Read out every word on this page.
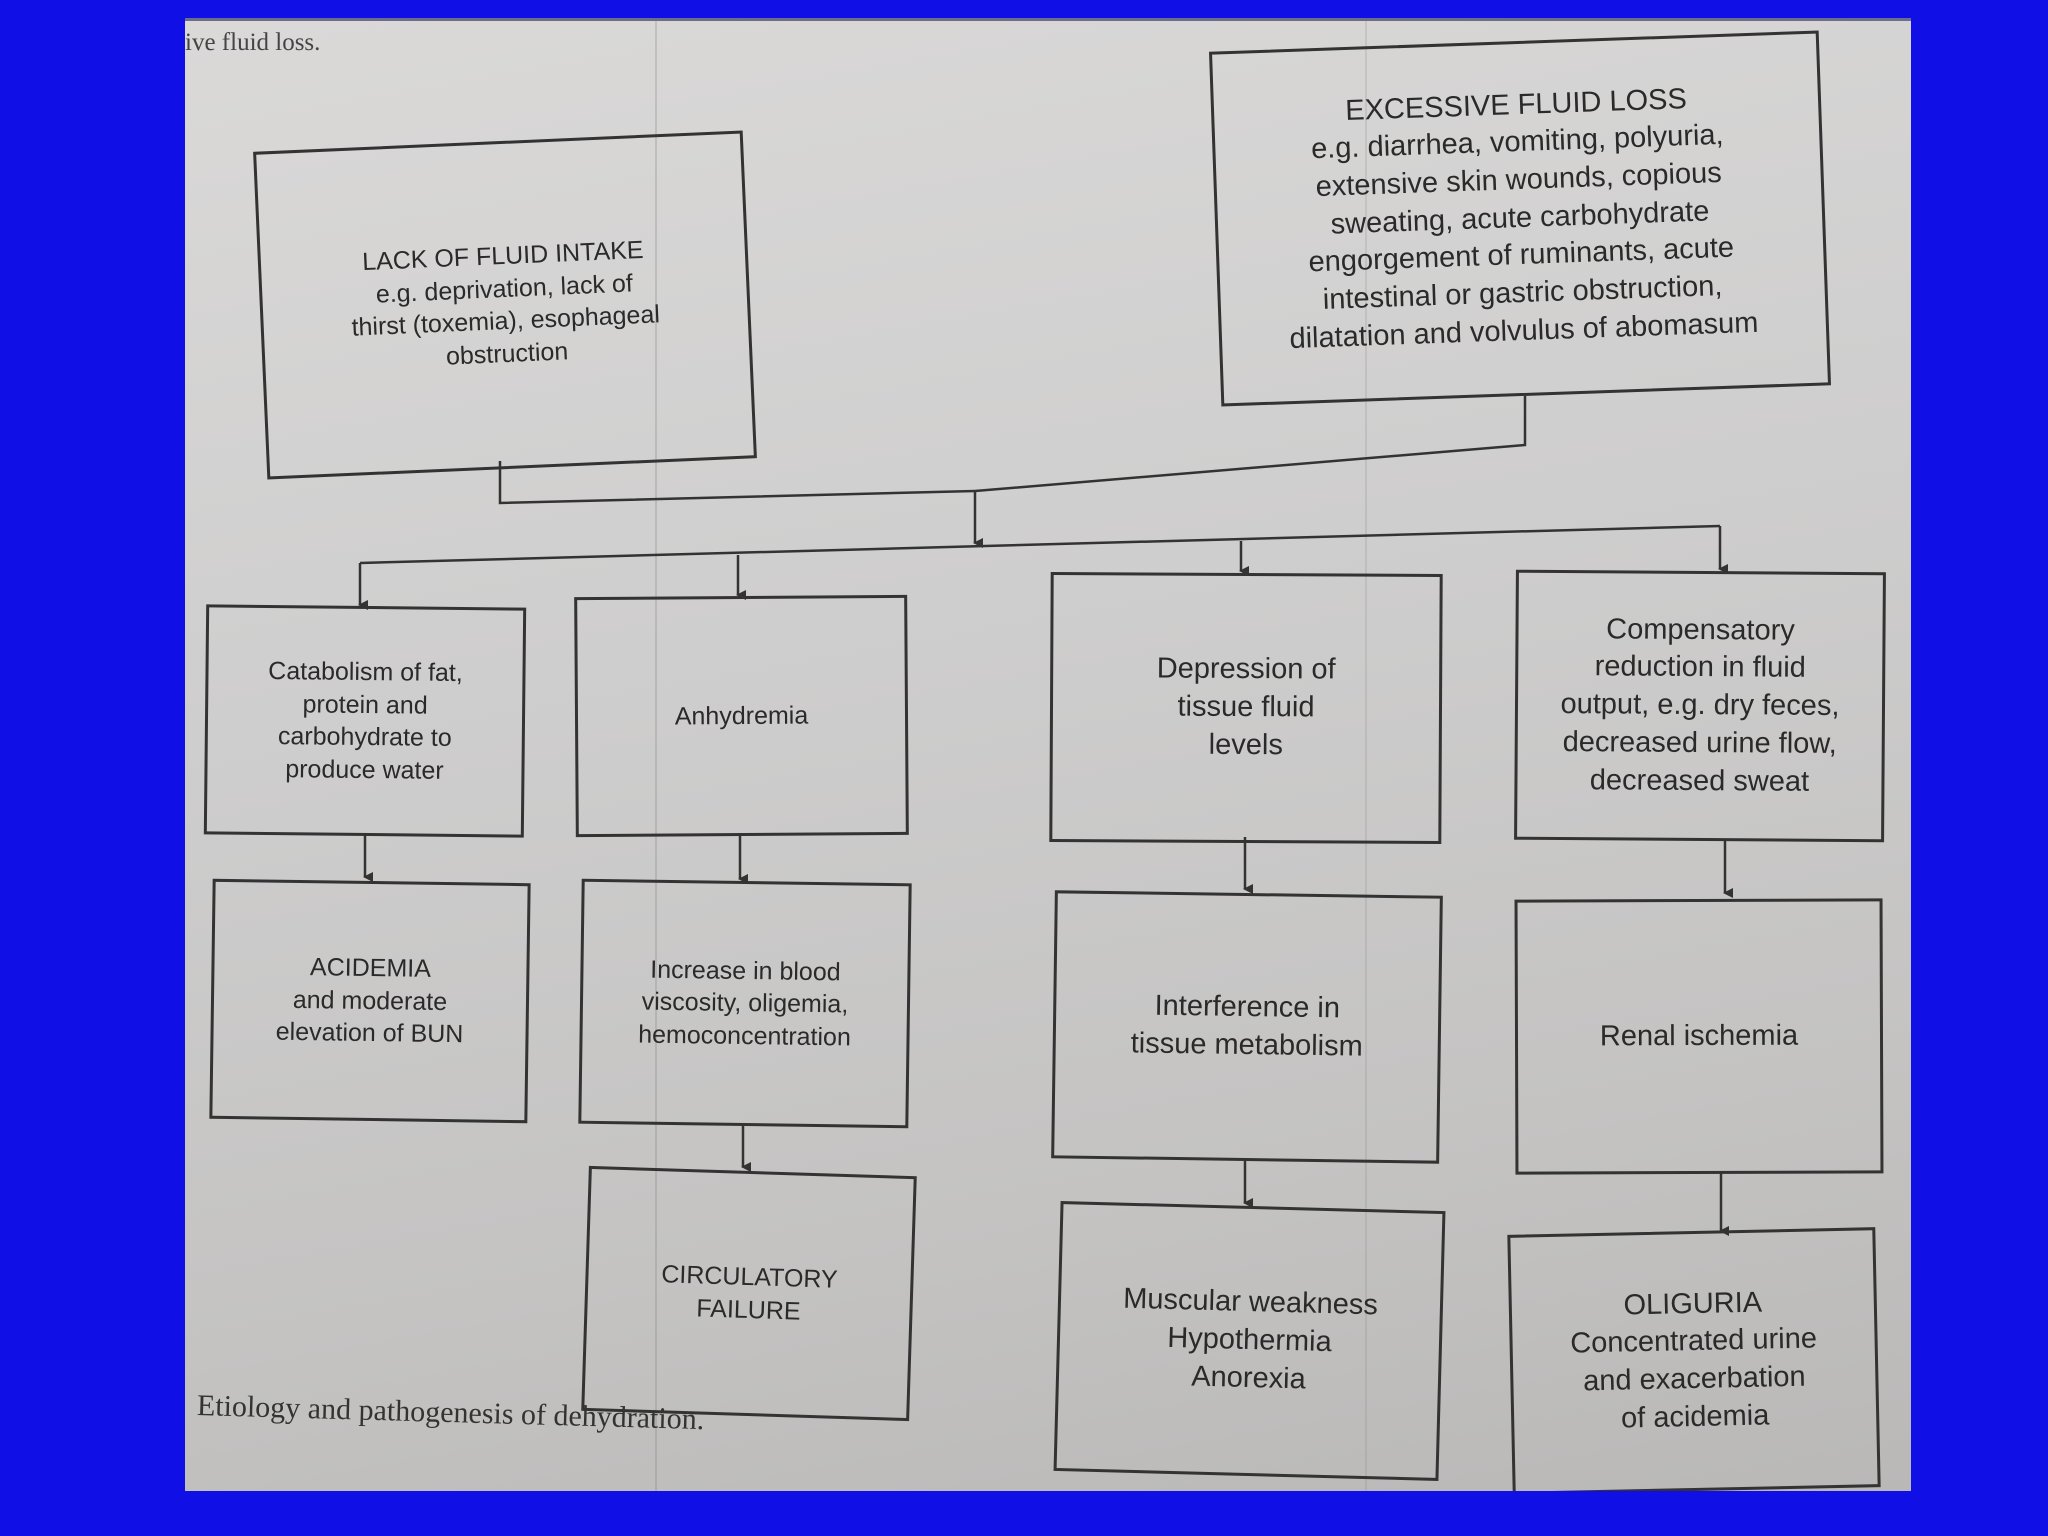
ive fluid loss.
LACK OF FLUID INTAKE
e.g. deprivation, lack of
thirst (toxemia), esophageal
obstruction
EXCESSIVE FLUID LOSS
e.g. diarrhea, vomiting, polyuria,
extensive skin wounds, copious
sweating, acute carbohydrate
engorgement of ruminants, acute
intestinal or gastric obstruction,
dilatation and volvulus of abomasum
Catabolism of fat,
protein and
carbohydrate to
produce water
Anhydremia
Depression of
tissue fluid
levels
Compensatory
reduction in fluid
output, e.g. dry feces,
decreased urine flow,
decreased sweat
ACIDEMIA
and moderate
elevation of BUN
Increase in blood
viscosity, oligemia,
hemoconcentration
Interference in
tissue metabolism	Renal ischemia
CIRCULATORY
FAILURE	Muscular weakness
Hypothermia
Anorexia
OLIGURIA
Concentrated urine
and exacerbation
of acidemia
Etiology and pathogenesis of dehydration.
